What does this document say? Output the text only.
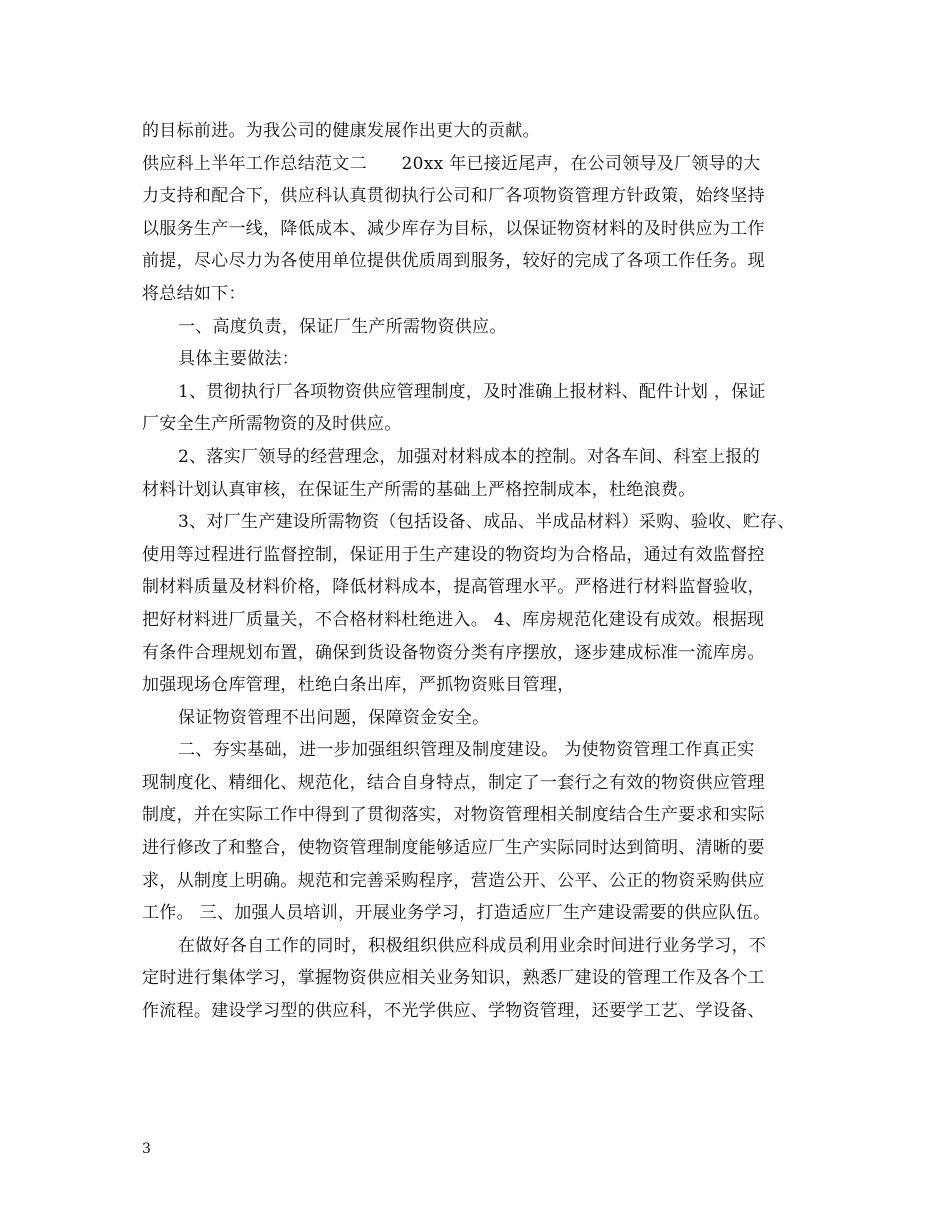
的目标前进。为我公司的健康发展作出更大的贡献。
供应科上半年工作总结范文二　　20xx 年已接近尾声，在公司领导及厂领导的大
力支持和配合下，供应科认真贯彻执行公司和厂各项物资管理方针政策，始终坚持
以服务生产一线，降低成本、减少库存为目标，以保证物资材料的及时供应为工作
前提，尽心尽力为各使用单位提供优质周到服务，较好的完成了各项工作任务。现
将总结如下：
一、高度负责，保证厂生产所需物资供应。
具体主要做法：
1、贯彻执行厂各项物资供应管理制度，及时准确上报材料、配件计划 ，保证
厂安全生产所需物资的及时供应。
2、落实厂领导的经营理念，加强对材料成本的控制。对各车间、科室上报的
材料计划认真审核，在保证生产所需的基础上严格控制成本，杜绝浪费。
3、对厂生产建设所需物资（包括设备、成品、半成品材料）采购、验收、贮存、
使用等过程进行监督控制，保证用于生产建设的物资均为合格品，通过有效监督控
制材料质量及材料价格，降低材料成本，提高管理水平。严格进行材料监督验收，
把好材料进厂质量关，不合格材料杜绝进入。 4、库房规范化建设有成效。根据现
有条件合理规划布置，确保到货设备物资分类有序摆放，逐步建成标准一流库房。
加强现场仓库管理，杜绝白条出库，严抓物资账目管理，
保证物资管理不出问题，保障资金安全。
二、夯实基础，进一步加强组织管理及制度建设。 为使物资管理工作真正实
现制度化、精细化、规范化，结合自身特点，制定了一套行之有效的物资供应管理
制度，并在实际工作中得到了贯彻落实，对物资管理相关制度结合生产要求和实际
进行修改了和整合，使物资管理制度能够适应厂生产实际同时达到简明、清晰的要
求，从制度上明确。规范和完善采购程序，营造公开、公平、公正的物资采购供应
工作。 三、加强人员培训，开展业务学习，打造适应厂生产建设需要的供应队伍。
在做好各自工作的同时，积极组织供应科成员利用业余时间进行业务学习，不
定时进行集体学习，掌握物资供应相关业务知识，熟悉厂建设的管理工作及各个工
作流程。建设学习型的供应科，不光学供应、学物资管理，还要学工艺、学设备、
3
